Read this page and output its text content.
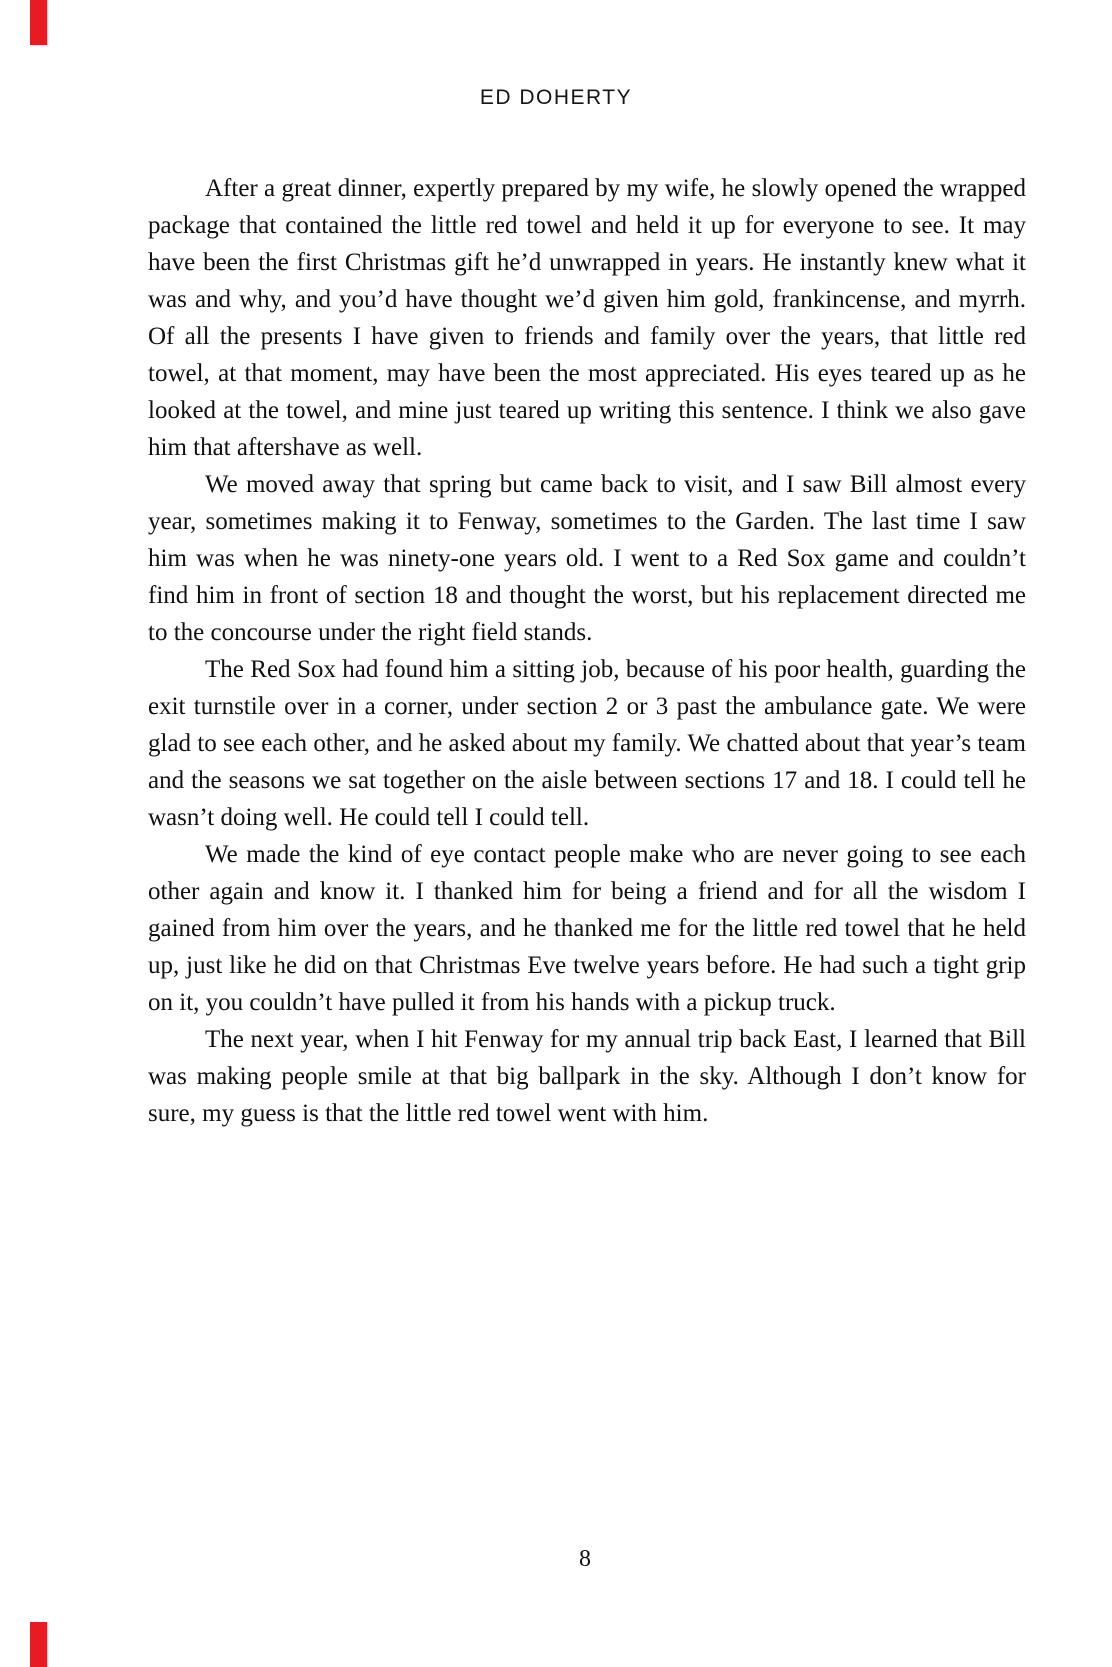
ED DOHERTY

After a great dinner, expertly prepared by my wife, he slowly opened the wrapped package that contained the little red towel and held it up for everyone to see. It may have been the first Christmas gift he’d unwrapped in years. He instantly knew what it was and why, and you’d have thought we’d given him gold, frankincense, and myrrh. Of all the presents I have given to friends and family over the years, that little red towel, at that moment, may have been the most appreciated. His eyes teared up as he looked at the towel, and mine just teared up writing this sentence. I think we also gave him that aftershave as well.

We moved away that spring but came back to visit, and I saw Bill almost every year, sometimes making it to Fenway, sometimes to the Garden. The last time I saw him was when he was ninety-one years old. I went to a Red Sox game and couldn’t find him in front of section 18 and thought the worst, but his replacement directed me to the concourse under the right field stands.

The Red Sox had found him a sitting job, because of his poor health, guarding the exit turnstile over in a corner, under section 2 or 3 past the ambulance gate. We were glad to see each other, and he asked about my family. We chatted about that year’s team and the seasons we sat together on the aisle between sections 17 and 18. I could tell he wasn’t doing well. He could tell I could tell.

We made the kind of eye contact people make who are never going to see each other again and know it. I thanked him for being a friend and for all the wisdom I gained from him over the years, and he thanked me for the little red towel that he held up, just like he did on that Christmas Eve twelve years before. He had such a tight grip on it, you couldn’t have pulled it from his hands with a pickup truck.

The next year, when I hit Fenway for my annual trip back East, I learned that Bill was making people smile at that big ballpark in the sky. Although I don’t know for sure, my guess is that the little red towel went with him.

8
